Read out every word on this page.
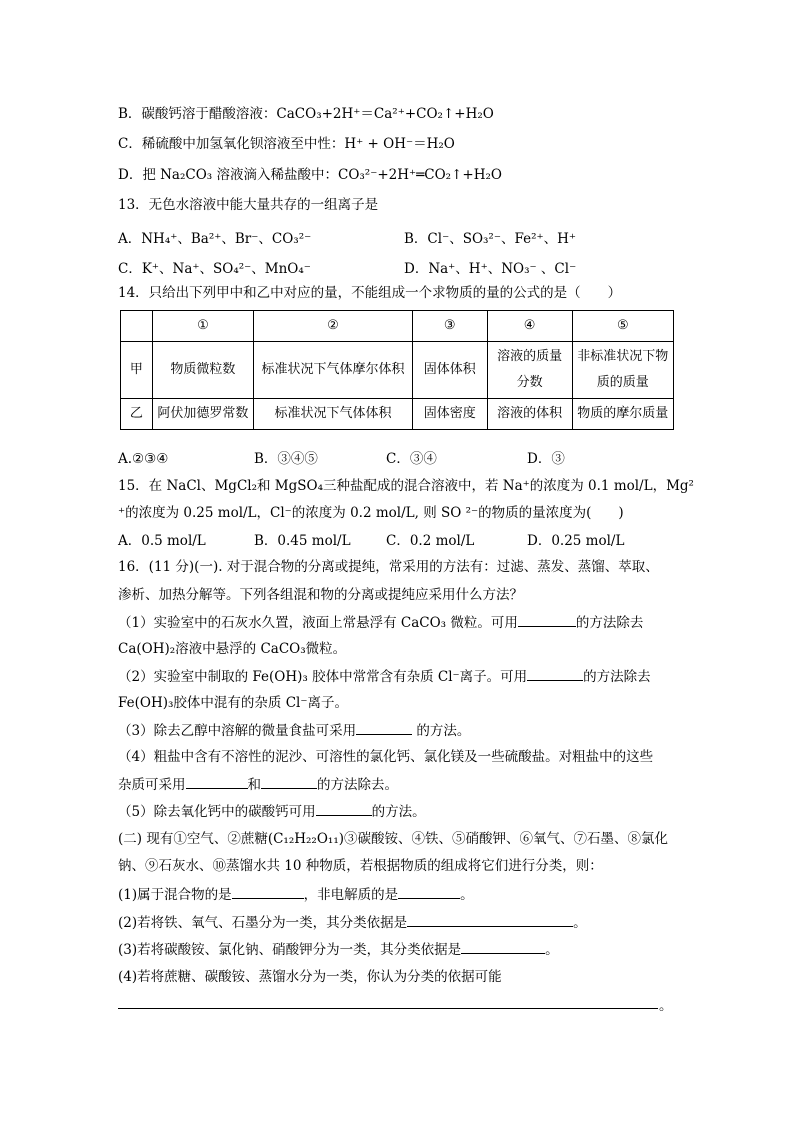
B．碳酸钙溶于醋酸溶液：CaCO₃+2H⁺＝Ca²⁺+CO₂↑+H₂O
C．稀硫酸中加氢氧化钡溶液至中性：H⁺ + OH⁻＝H₂O
D．把 Na₂CO₃ 溶液滴入稀盐酸中：CO₃²⁻+2H⁺═CO₂↑+H₂O
13．无色水溶液中能大量共存的一组离子是
A．NH₄⁺、Ba²⁺、Br⁻、CO₃²⁻	B．Cl⁻、SO₃²⁻、Fe²⁺、H⁺
C．K⁺、Na⁺、SO₄²⁻、MnO₄⁻	D．Na⁺、H⁺、NO₃⁻ 、Cl⁻
14．只给出下列甲中和乙中对应的量，不能组成一个求物质的量的公式的是（　　）
	①	②	③	④	⑤
甲	物质微粒数	标准状况下气体摩尔体积	固体体积	溶液的质量分数	非标准状况下物质的质量
乙	阿伏加德罗常数	标准状况下气体体积	固体密度	溶液的体积	物质的摩尔质量
A.②③④	B．③④⑤	C．③④	D．③
15．在 NaCl、MgCl₂和 MgSO₄三种盐配成的混合溶液中，若 Na⁺的浓度为 0.1 mol/L，Mg²
⁺的浓度为 0.25 mol/L，Cl⁻的浓度为 0.2 mol/L, 则 SO ²⁻的物质的量浓度为(　　)
A．0.5 mol/L	B．0.45 mol/L	C．0.2 mol/L	D．0.25 mol/L
16．(11 分)(一). 对于混合物的分离或提纯，常采用的方法有：过滤、蒸发、蒸馏、萃取、
渗析、加热分解等。下列各组混和物的分离或提纯应采用什么方法？
（1）实验室中的石灰水久置，液面上常悬浮有 CaCO₃ 微粒。可用	的方法除去
Ca(OH)₂溶液中悬浮的 CaCO₃微粒。
（2）实验室中制取的 Fe(OH)₃ 胶体中常常含有杂质 Cl⁻离子。可用	的方法除去
Fe(OH)₃胶体中混有的杂质 Cl⁻离子。
（3）除去乙醇中溶解的微量食盐可采用	的方法。
（4）粗盐中含有不溶性的泥沙、可溶性的氯化钙、氯化镁及一些硫酸盐。对粗盐中的这些
杂质可采用	和	的方法除去。
（5）除去氧化钙中的碳酸钙可用	的方法。
(二) 现有①空气、②蔗糖(C₁₂H₂₂O₁₁)③碳酸铵、④铁、⑤硝酸钾、⑥氧气、⑦石墨、⑧氯化
钠、⑨石灰水、⑩蒸馏水共 10 种物质，若根据物质的组成将它们进行分类，则：
(1)属于混合物的是	，非电解质的是	。
(2)若将铁、氧气、石墨分为一类，其分类依据是	。
(3)若将碳酸铵、氯化钠、硝酸钾分为一类，其分类依据是	。
(4)若将蔗糖、碳酸铵、蒸馏水分为一类，你认为分类的依据可能
。
